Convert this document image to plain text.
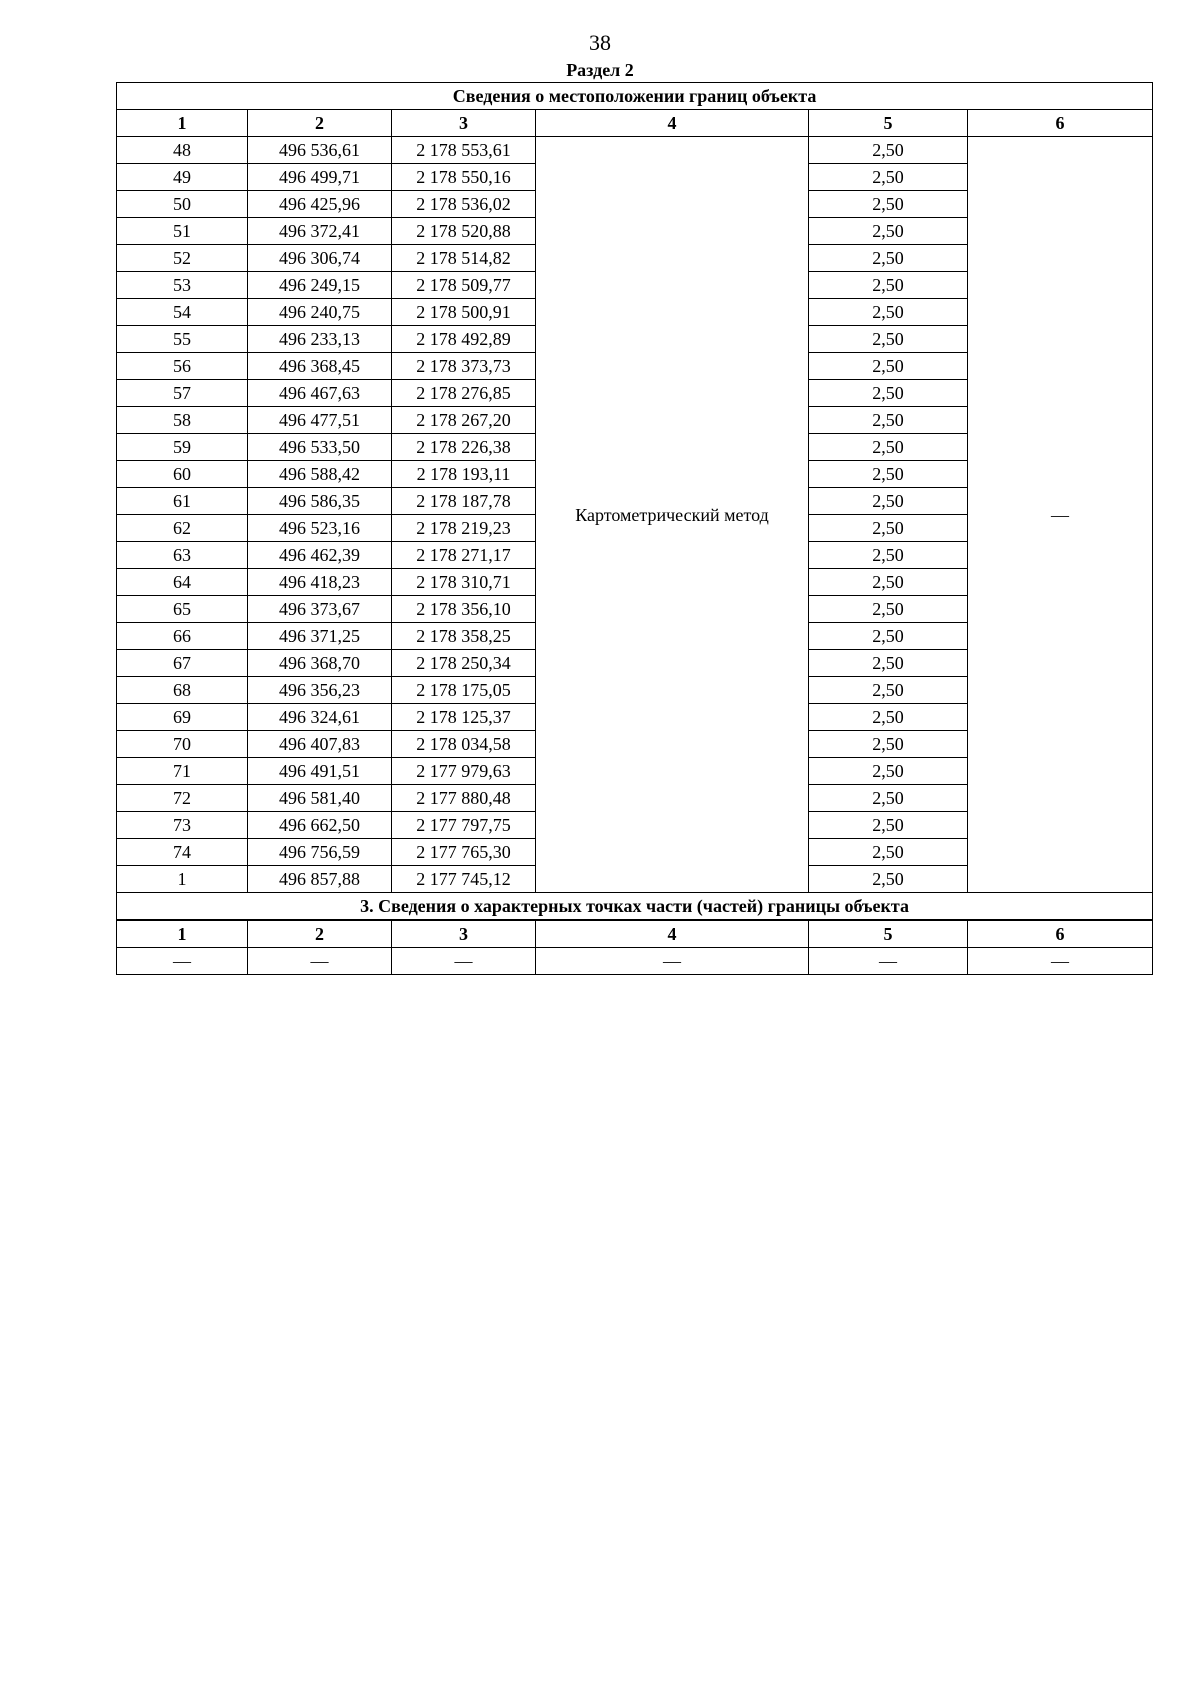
38
Раздел 2
Сведения о местоположении границ объекта					
1	2	3	4	5	6
48	496 536,61	2 178 553,61	Картометрический метод	2,50	—
49	496 499,71	2 178 550,16		2,50	
50	496 425,96	2 178 536,02		2,50	
51	496 372,41	2 178 520,88		2,50	
52	496 306,74	2 178 514,82		2,50	
53	496 249,15	2 178 509,77		2,50	
54	496 240,75	2 178 500,91		2,50	
55	496 233,13	2 178 492,89		2,50	
56	496 368,45	2 178 373,73		2,50	
57	496 467,63	2 178 276,85		2,50	
58	496 477,51	2 178 267,20		2,50	
59	496 533,50	2 178 226,38		2,50	
60	496 588,42	2 178 193,11		2,50	
61	496 586,35	2 178 187,78		2,50	
62	496 523,16	2 178 219,23		2,50	
63	496 462,39	2 178 271,17		2,50	
64	496 418,23	2 178 310,71		2,50	
65	496 373,67	2 178 356,10		2,50	
66	496 371,25	2 178 358,25		2,50	
67	496 368,70	2 178 250,34		2,50	
68	496 356,23	2 178 175,05		2,50	
69	496 324,61	2 178 125,37		2,50	
70	496 407,83	2 178 034,58		2,50	
71	496 491,51	2 177 979,63		2,50	
72	496 581,40	2 177 880,48		2,50	
73	496 662,50	2 177 797,75		2,50	
74	496 756,59	2 177 765,30		2,50	
1	496 857,88	2 177 745,12		2,50	
3. Сведения о характерных точках части (частей) границы объекта					
1	2	3	4	5	6
—	—	—	—	—	—
